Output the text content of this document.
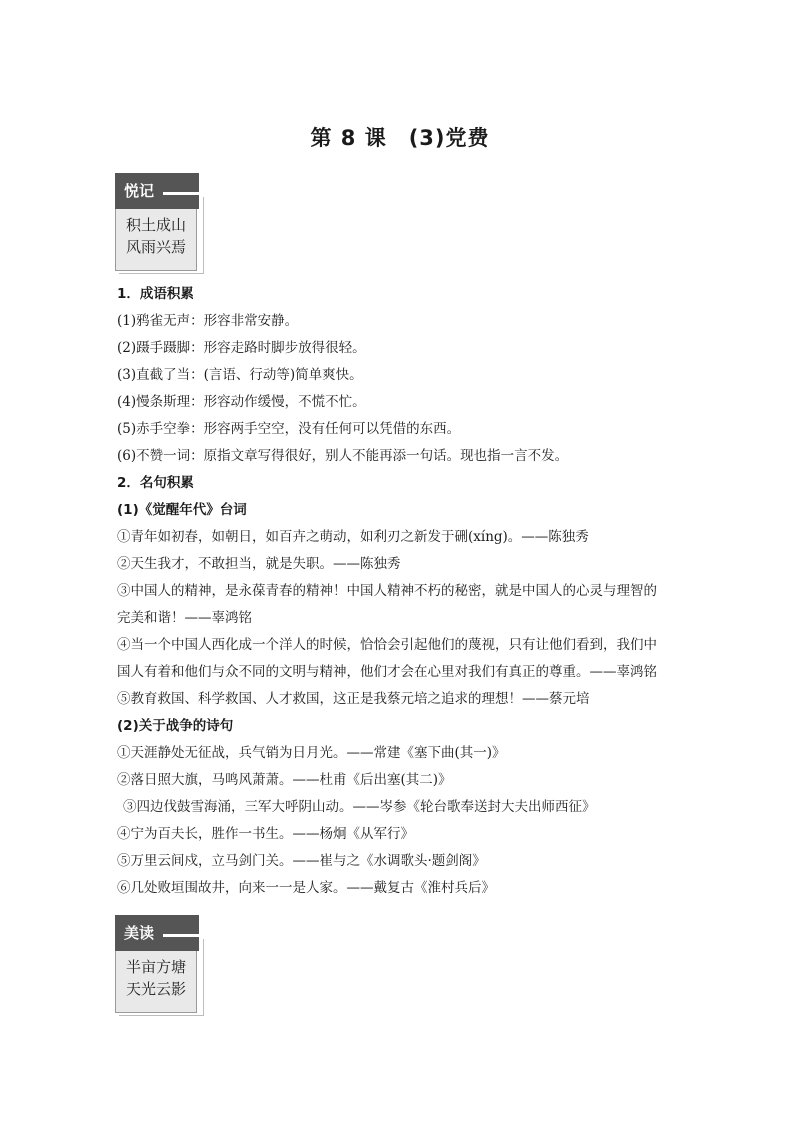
第 8 课　(3)党费
悦记
积土成山
风雨兴焉
1．成语积累
(1)鸦雀无声：形容非常安静。
(2)蹑手蹑脚：形容走路时脚步放得很轻。
(3)直截了当：(言语、行动等)简单爽快。
(4)慢条斯理：形容动作缓慢，不慌不忙。
(5)赤手空拳：形容两手空空，没有任何可以凭借的东西。
(6)不赞一词：原指文章写得很好，别人不能再添一句话。现也指一言不发。
2．名句积累
(1)《觉醒年代》台词
①青年如初春，如朝日，如百卉之萌动，如利刃之新发于硎(xíng)。——陈独秀
②天生我才，不敢担当，就是失职。——陈独秀
③中国人的精神，是永葆青春的精神！中国人精神不朽的秘密，就是中国人的心灵与理智的
完美和谐！——辜鸿铭
④当一个中国人西化成一个洋人的时候，恰恰会引起他们的蔑视，只有让他们看到，我们中
国人有着和他们与众不同的文明与精神，他们才会在心里对我们有真正的尊重。——辜鸿铭
⑤教育救国、科学救国、人才救国，这正是我蔡元培之追求的理想！——蔡元培
(2)关于战争的诗句
①天涯静处无征战，兵气销为日月光。——常建《塞下曲(其一)》
②落日照大旗，马鸣风萧萧。——杜甫《后出塞(其二)》
③四边伐鼓雪海涌，三军大呼阴山动。——岑参《轮台歌奉送封大夫出师西征》
④宁为百夫长，胜作一书生。——杨炯《从军行》
⑤万里云间戍，立马剑门关。——崔与之《水调歌头·题剑阁》
⑥几处败垣围故井，向来一一是人家。——戴复古《淮村兵后》
美读
半亩方塘
天光云影
